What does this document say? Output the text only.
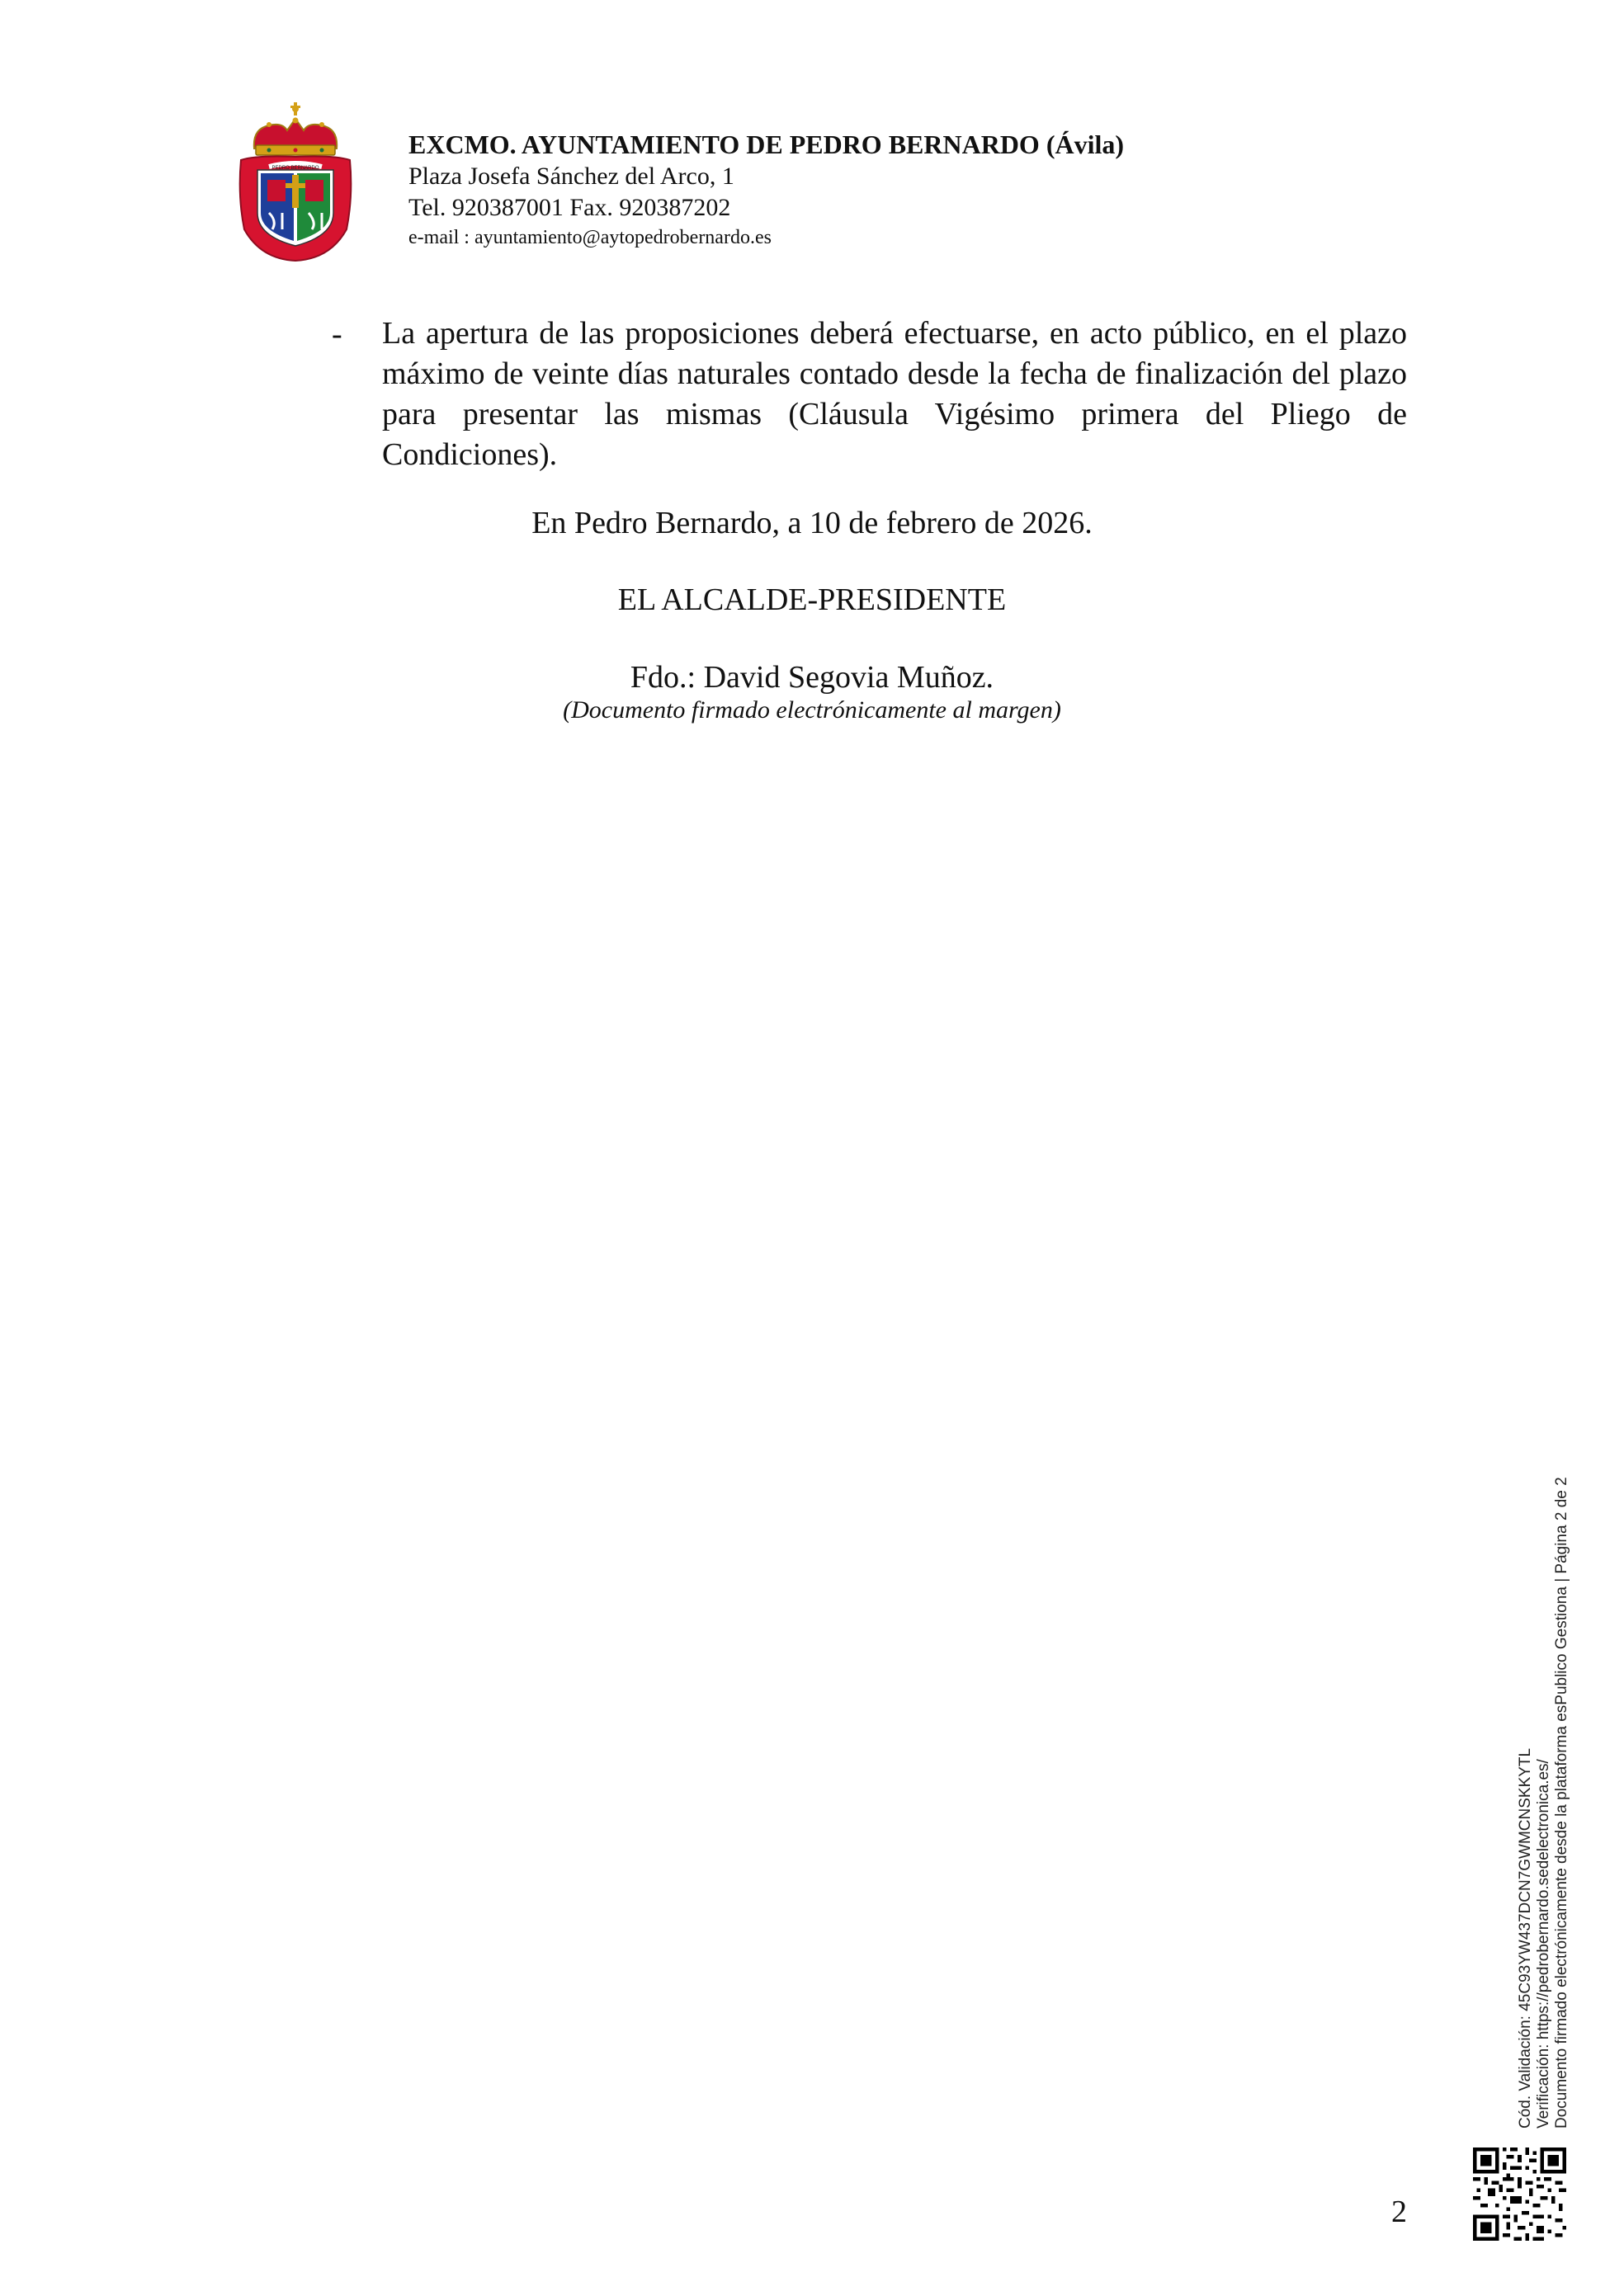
PEDRO BERNARDO
EXCMO. AYUNTAMIENTO DE PEDRO BERNARDO (Ávila)
Plaza Josefa Sánchez del Arco, 1
Tel. 920387001 Fax. 920387202
e-mail : ayuntamiento@aytopedrobernardo.es
- La apertura de las proposiciones deberá efectuarse, en acto público, en el plazo máximo de veinte días naturales contado desde la fecha de finalización del plazo para presentar las mismas (Cláusula Vigésimo primera del Pliego de Condiciones).
En Pedro Bernardo, a 10 de febrero de 2026.
EL ALCALDE-PRESIDENTE
Fdo.: David Segovia Muñoz.
(Documento firmado electrónicamente al margen)
Cód. Validación: 45C93YW437DCN7GWMCNSKKYTL Verificación: https://pedrobernardo.sedelectronica.es/ Documento firmado electrónicamente desde la plataforma esPublico Gestiona | Página 2 de 2
2
